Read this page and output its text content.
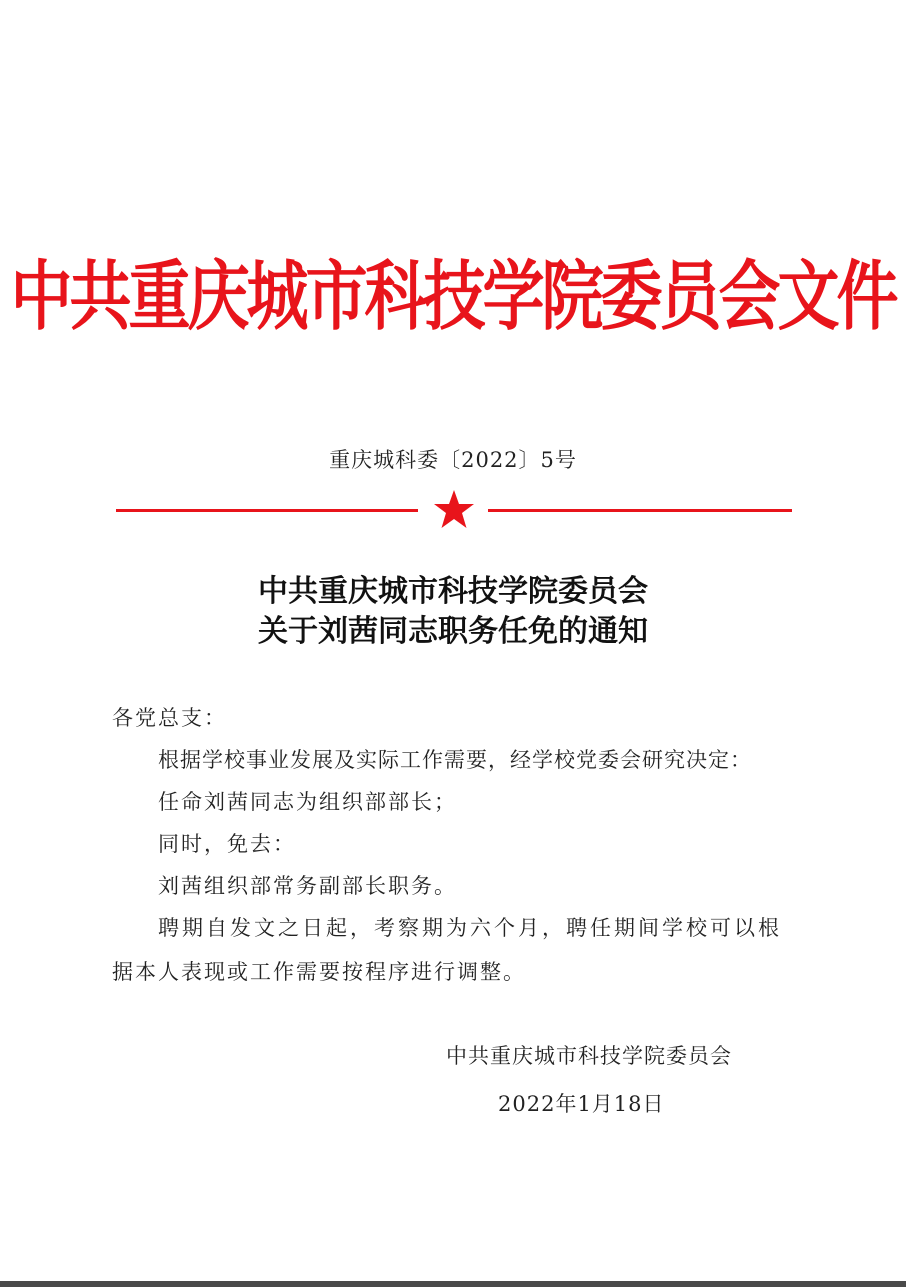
中共重庆城市科技学院委员会文件
重庆城科委〔2022〕5号
中共重庆城市科技学院委员会
关于刘茜同志职务任免的通知
各党总支：
根据学校事业发展及实际工作需要，经学校党委会研究决定：
任命刘茜同志为组织部部长；
同时，免去：
刘茜组织部常务副部长职务。
聘期自发文之日起，考察期为六个月，聘任期间学校可以根
据本人表现或工作需要按程序进行调整。
中共重庆城市科技学院委员会
2022年1月18日
